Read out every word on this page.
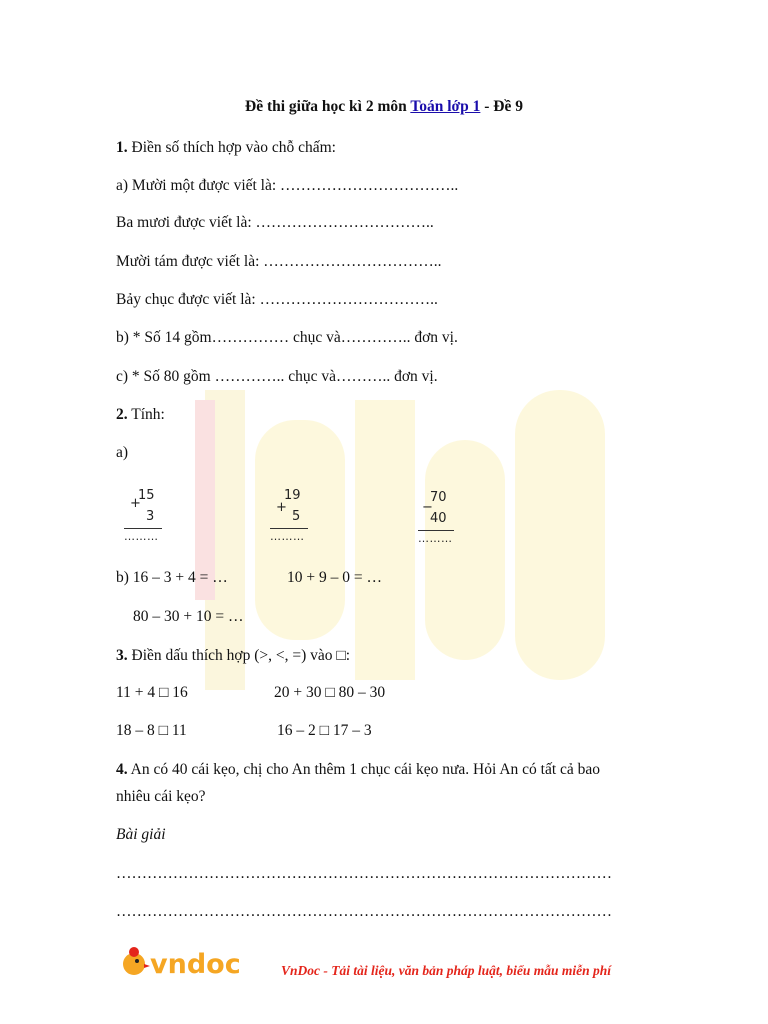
Đề thi giữa học kì 2 môn Toán lớp 1 - Đề 9
1. Điền số thích hợp vào chỗ chấm:
a) Mười một được viết là: ……………………………..
Ba mươi được viết là: ……………………………..
Mười tám được viết là: ……………………………..
Bảy chục được viết là: ……………………………..
b) * Số 14 gồm…………… chục và………….. đơn vị.
c) * Số 80 gồm ………….. chục và……….. đơn vị.
2. Tính:
a)
15
+
3
………
19
+
5
………
70
−
40
………
b) 16 – 3 + 4 = …	10 + 9 – 0 = …
80 – 30 + 10 = …
3. Điền dấu thích hợp (>, <, =) vào □:
11 + 4 □ 16	20 + 30 □ 80 – 30
18 – 8 □ 11	16 – 2 □ 17 – 3
4. An có 40 cái kẹo, chị cho An thêm 1 chục cái kẹo nưa. Hỏi An có tất cả bao
nhiêu cái kẹo?
Bài giải
……………………………………………………………………………………
……………………………………………………………………………………
vndoc	VnDoc - Tải tài liệu, văn bản pháp luật, biểu mẫu miễn phí
